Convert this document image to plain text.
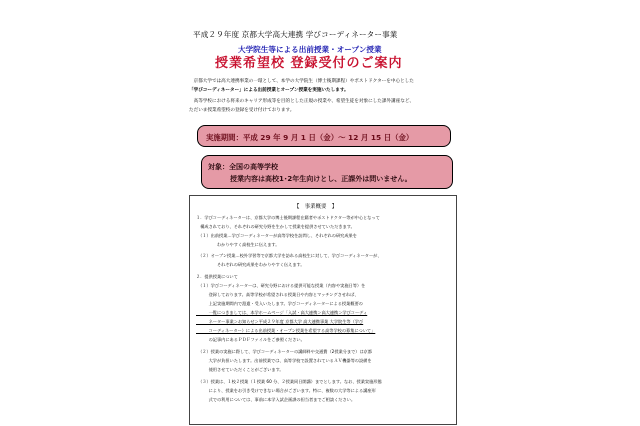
平成２９年度 京都大学高大連携 学びコーディネーター事業
大学院生等による出前授業・オープン授業
授業希望校 登録受付のご案内
　京都大学では高大連携事業の一環として、本学の大学院生（博士後期課程）やポストドクターを中心とした
「学びコーディネーター」による出前授業とオープン授業を実施いたします。
　高等学校における将来のキャリア形成等を目的とした正規の授業や、希望生徒を対象にした課外講座など、
ただいま授業希望校の登録を受け付けております。
実施期間：平成 29 年 9 月 1 日（金）～ 12 月 15 日（金）
対象：全国の高等学校
授業内容は高校1･2年生向けとし、正課外は問いません。
【　事業概要　】
１．学びコーディネーターは、京都大学の博士後期課程在籍者やポストドクター等が中心となって
　構成されており、それぞれの研究分野を生かして授業を提供させていただきます。
　（１）出前授業…学びコーディネーターが高等学校を訪問し、それぞれの研究成果を
　　　　　わかりやすく高校生に伝えます。
　（２）オープン授業…校外学習等で京都大学を訪れる高校生に対して、学びコーディネーターが、
　　　　　それぞれの研究成果をわかりやすく伝えます。
２．提供授業について
　（１）学びコーディネーターは、研究分野における提供可能な授業（内容や実施日等）を
　　　登録しております。高等学校が希望される授業日や内容とマッチングさせれば、
　　　上記実施期間内で派遣・受入いたします。学びコーディネーターによる授業概要の
　　　一覧につきましては、本学ホームページ「入試・高大連携＞高大連携＞学びコーディ
　　　ネーター事業＞お知らせ＞平成２９年度 京都大学 高大連携事業 大学院生等（学び
　　　コーディネーター）による出前授業・オープン授業を希望する高等学校の募集について」
　　　の記事内にあるＰＤＦファイルをご参照ください。
　（２）授業の実施に際して、学びコーディネーターの講師料や交通費（2授業分まで）は京都
　　　大学が負担いたします。出前授業では、高等学校で設置されているＡＶ機器等の設備を
　　　使用させていただくことがございます。
　（３）授業は、１校２授業（１授業 60 分、２授業同日開講）までとします。なお、授業実施形態
　　　により、授業をお引き受けできない場合がございます。特に、複数の大学等による講座形
　　　式での利用については、事前に本学入試企画課の担当者までご相談ください。
